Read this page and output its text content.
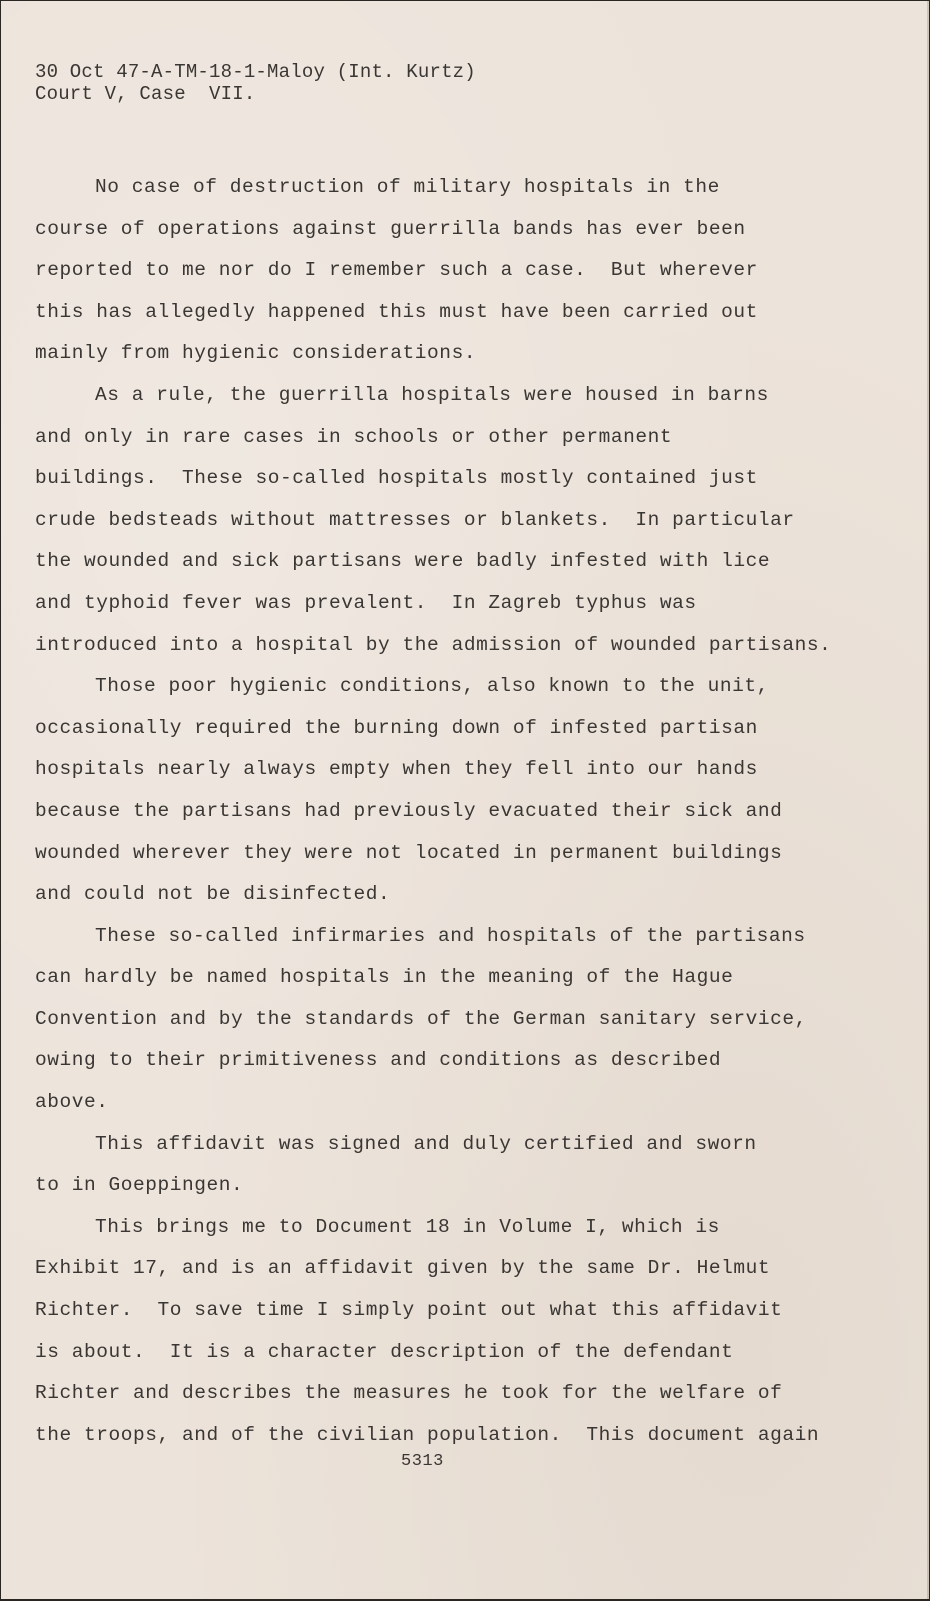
30 Oct 47-A-TM-18-1-Maloy (Int. Kurtz)
Court V, Case  VII.
No case of destruction of military hospitals in the
course of operations against guerrilla bands has ever been
reported to me nor do I remember such a case.  But wherever
this has allegedly happened this must have been carried out
mainly from hygienic considerations.
As a rule, the guerrilla hospitals were housed in barns
and only in rare cases in schools or other permanent
buildings.  These so-called hospitals mostly contained just
crude bedsteads without mattresses or blankets.  In particular
the wounded and sick partisans were badly infested with lice
and typhoid fever was prevalent.  In Zagreb typhus was
introduced into a hospital by the admission of wounded partisans.
Those poor hygienic conditions, also known to the unit,
occasionally required the burning down of infested partisan
hospitals nearly always empty when they fell into our hands
because the partisans had previously evacuated their sick and
wounded wherever they were not located in permanent buildings
and could not be disinfected.
These so-called infirmaries and hospitals of the partisans
can hardly be named hospitals in the meaning of the Hague
Convention and by the standards of the German sanitary service,
owing to their primitiveness and conditions as described
above.
This affidavit was signed and duly certified and sworn
to in Goeppingen.
This brings me to Document 18 in Volume I, which is
Exhibit 17, and is an affidavit given by the same Dr. Helmut
Richter.  To save time I simply point out what this affidavit
is about.  It is a character description of the defendant
Richter and describes the measures he took for the welfare of
the troops, and of the civilian population.  This document again
5313
